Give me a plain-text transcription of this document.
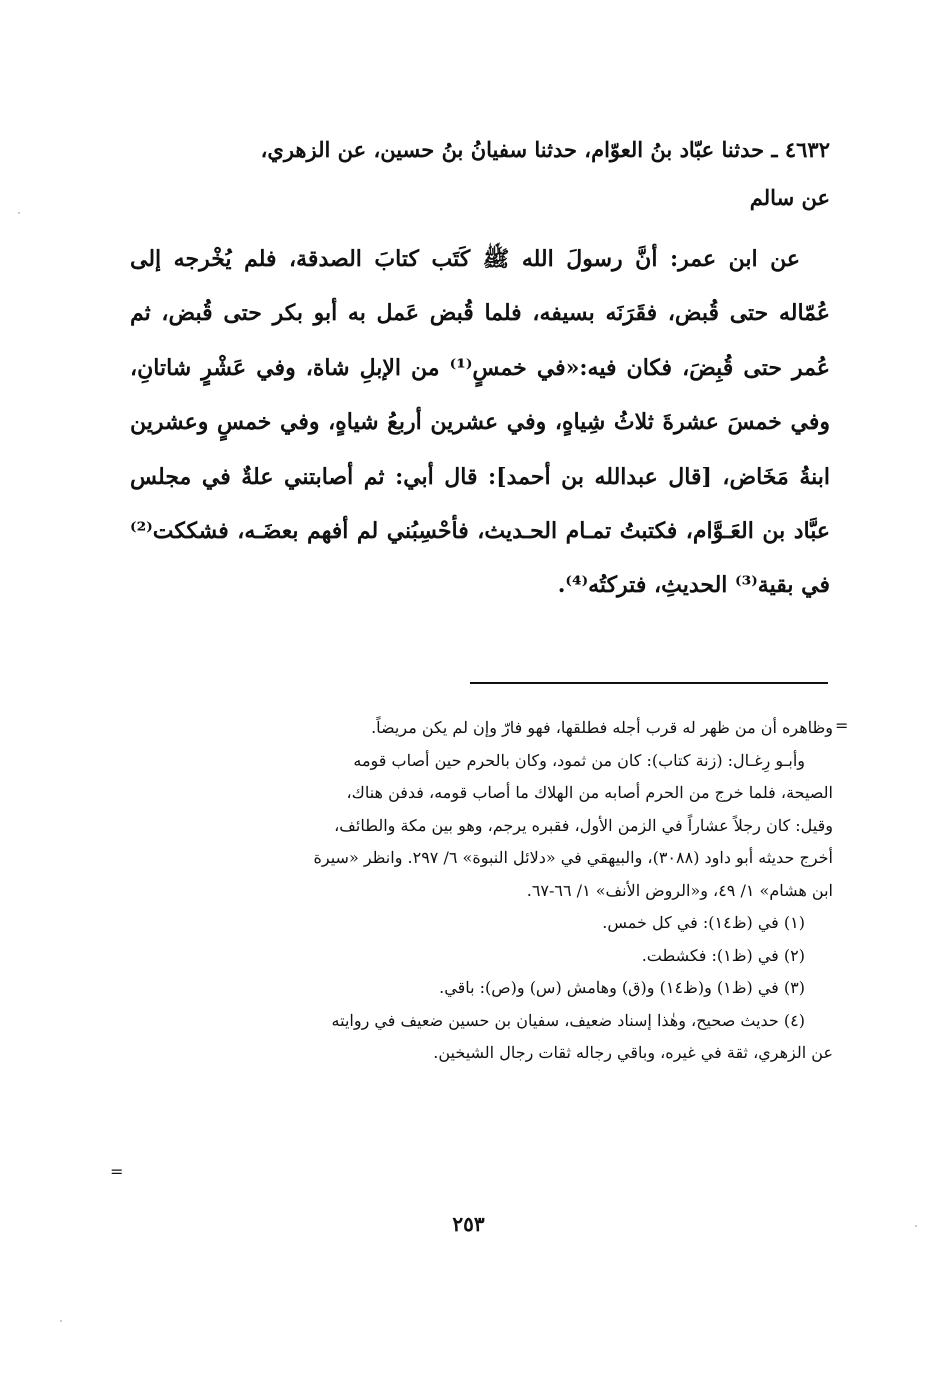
٤٦٣٢ ـ حدثنا عبّاد بنُ العوّام، حدثنا سفيانُ بنُ حسين، عن الزهري،
عن سالم

عن ابن عمر: أنَّ رسولَ الله ﷺ كَتَب كتابَ الصدقة، فلم يُخْرجه إلى عُمّاله حتى قُبض، فقَرَنَه بسيفه، فلما قُبض عَمل به أبو بكر حتى قُبض، ثم عُمر حتى قُبِضَ، فكان فيه:«في خمسٍ⁽¹⁾ من الإبلِ شاة، وفي عَشْرٍ شاتانِ، وفي خمسَ عشرةَ ثلاثُ شِياهٍ، وفي عشرين أربعُ شياهٍ، وفي خمسٍ وعشرين ابنةُ مَخَاض، [قال عبدالله بن أحمد]: قال أبي: ثم أصابتني علةٌ في مجلس عبَّاد بن العَـوَّام، فكتبتُ تمـام الحـديث، فأحْسِبُني لم أفهم بعضَـه، فشككت⁽²⁾ في بقية⁽³⁾ الحديثِ، فتركتُه⁽⁴⁾.

=
وظاهره أن من ظهر له قرب أجله فطلقها، فهو فارّ وإن لم يكن مريضاً.
وأبـو رِغـال: (زنة كتاب): كان من ثمود، وكان بالحرم حين أصاب قومه
الصيحة، فلما خرج من الحرم أصابه من الهلاك ما أصاب قومه، فدفن هناك،
وقيل: كان رجلاً عشاراً في الزمن الأول، فقبره يرجم، وهو بين مكة والطائف،
أخرج حديثه أبو داود (٣٠٨٨)، والبيهقي في «دلائل النبوة» ٦/ ٢٩٧. وانظر «سيرة
ابن هشام» ١/ ٤٩، و«الروض الأنف» ١/ ٦٦-٦٧.
(١) في (ظ١٤): في كل خمس.
(٢) في (ظ١): فكشطت.
(٣) في (ظ١) و(ظ١٤) و(ق) وهامش (س) و(ص): باقي.
(٤) حديث صحيح، وهٰذا إسناد ضعيف، سفيان بن حسين ضعيف في روايته
عن الزهري، ثقة في غيره، وباقي رجاله ثقات رجال الشيخين.
=
٢٥٣
